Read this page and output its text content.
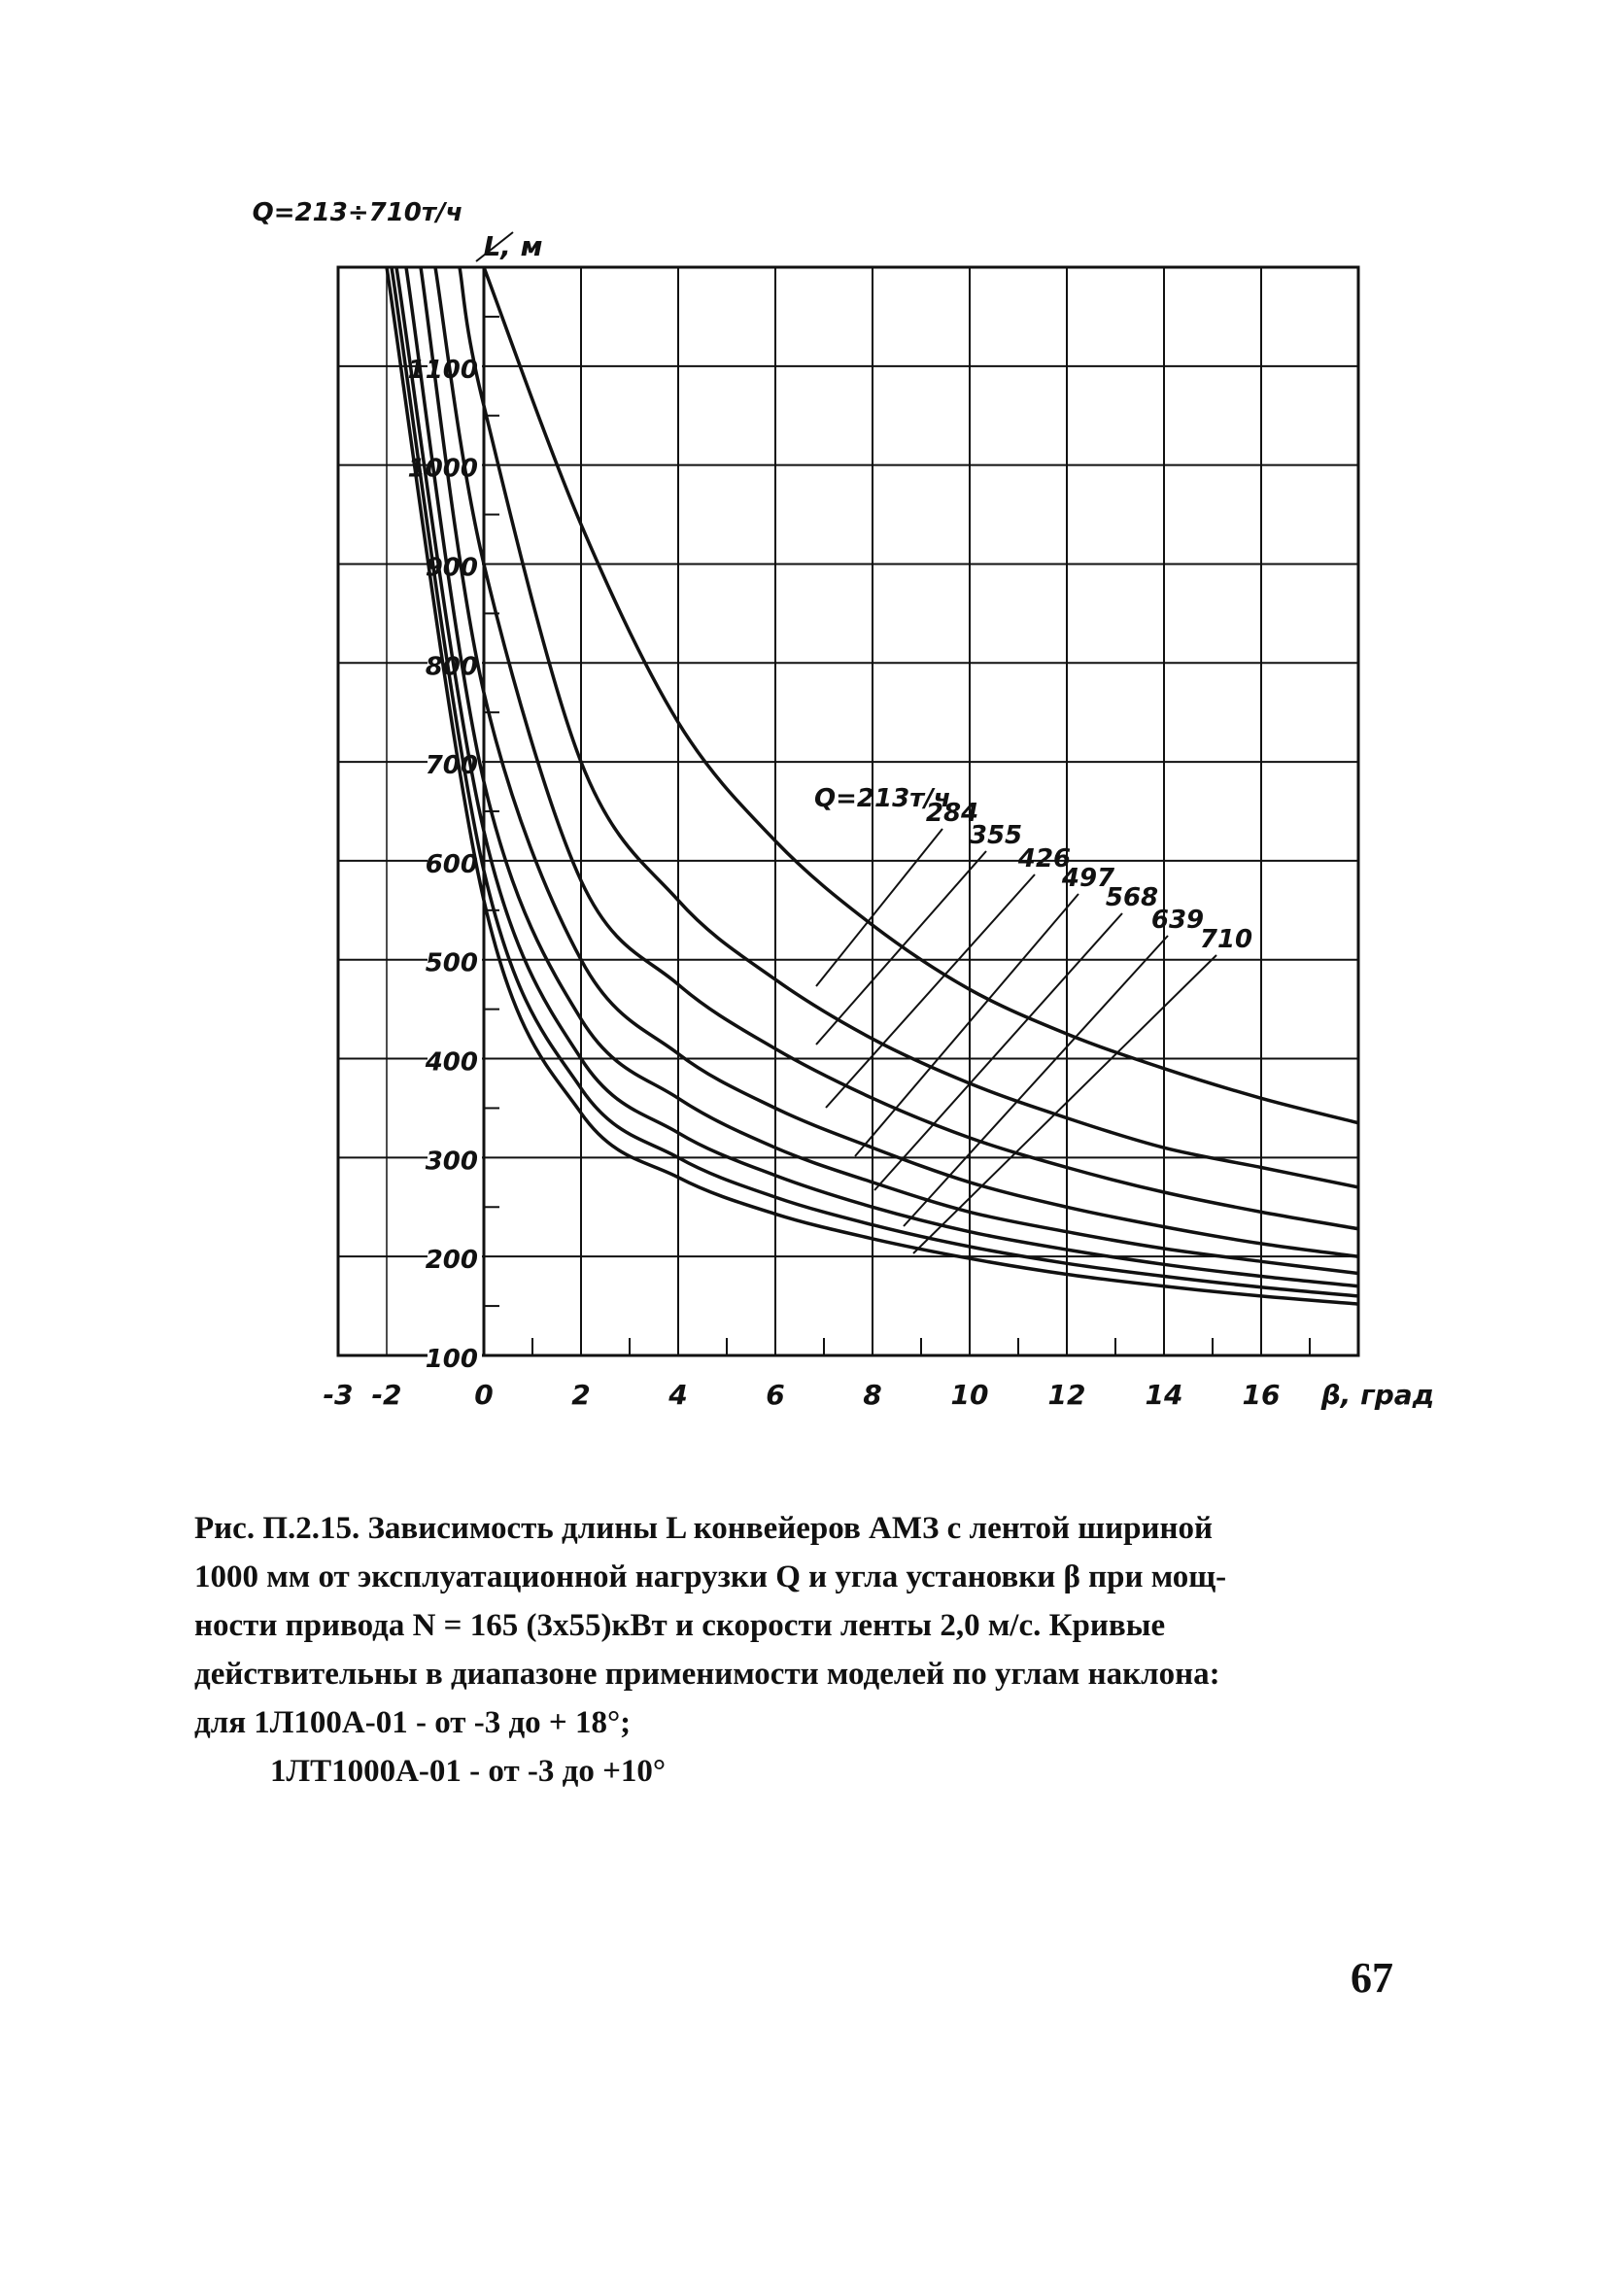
100
200
300
400
500
600
700
800
900
1000
1100
-3 -2	0	2	4	6	8	10 12 14 16 β, град
L, м
Q=213÷710т/ч
Q=213т/ч
284
355
426
497
568
639
710

Рис. П.2.15. Зависимость длины L конвейеров АМЗ с лентой шириной

1000 мм от эксплуатационной нагрузки Q и угла установки β при мощ-

ности привода N = 165 (3x55)кВт и скорости ленты 2,0 м/с. Кривые

действительны в диапазоне применимости моделей по углам наклона:

для 1Л100А-01 - от -3 до + 18°;

1ЛТ1000А-01 - от -3 до +10°

67
